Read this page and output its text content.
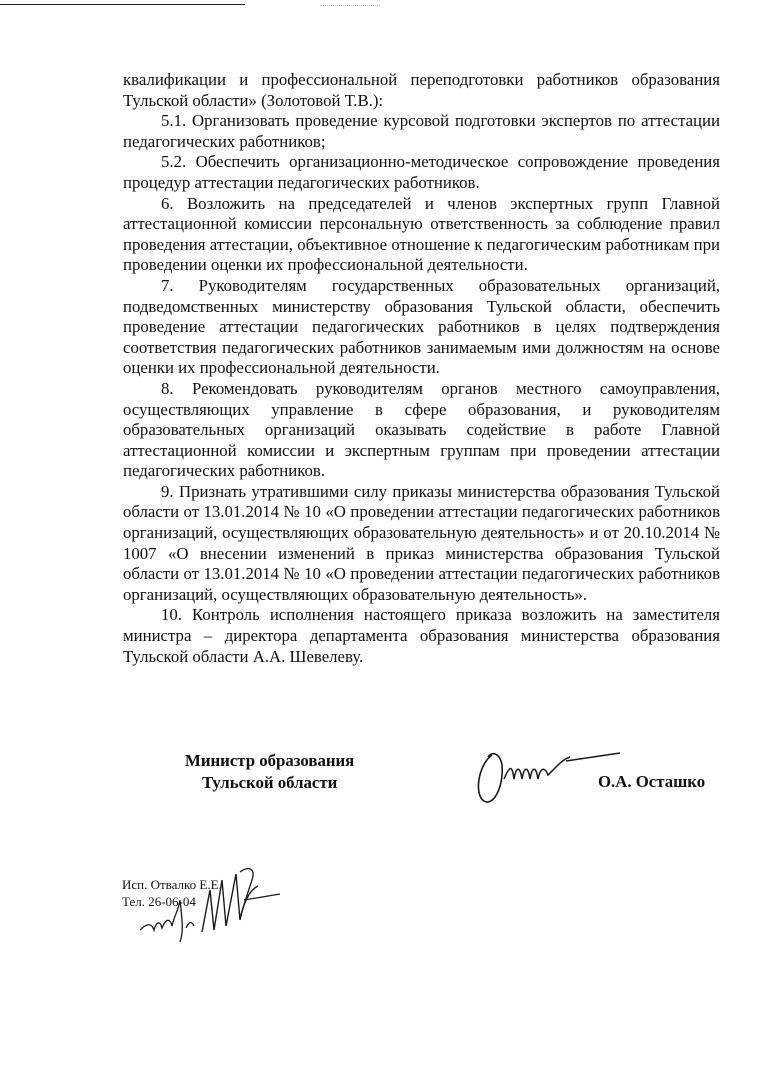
квалификации и профессиональной переподготовки работников образования Тульской области» (Золотовой Т.В.):

5.1. Организовать проведение курсовой подготовки экспертов по аттестации педагогических работников;

5.2. Обеспечить организационно-методическое сопровождение проведения процедур аттестации педагогических работников.

6. Возложить на председателей и членов экспертных групп Главной аттестационной комиссии персональную ответственность за соблюдение правил проведения аттестации, объективное отношение к педагогическим работникам при проведении оценки их профессиональной деятельности.

7. Руководителям государственных образовательных организаций, подведомственных министерству образования Тульской области, обеспечить проведение аттестации педагогических работников в целях подтверждения соответствия педагогических работников занимаемым ими должностям на основе оценки их профессиональной деятельности.

8. Рекомендовать руководителям органов местного самоуправления, осуществляющих управление в сфере образования, и руководителям образовательных организаций оказывать содействие в работе Главной аттестационной комиссии и экспертным группам при проведении аттестации педагогических работников.

9. Признать утратившими силу приказы министерства образования Тульской области от 13.01.2014 № 10 «О проведении аттестации педагогических работников организаций, осуществляющих образовательную деятельность» и от 20.10.2014 № 1007 «О внесении изменений в приказ министерства образования Тульской области от 13.01.2014 № 10 «О проведении аттестации педагогических работников организаций, осуществляющих образовательную деятельность».

10. Контроль исполнения настоящего приказа возложить на заместителя министра – директора департамента образования министерства образования Тульской области А.А. Шевелеву.

Министр образования
Тульской области	О.А. Осташко
Исп. Отвалко Е.Е.
Тел. 26-06-04
